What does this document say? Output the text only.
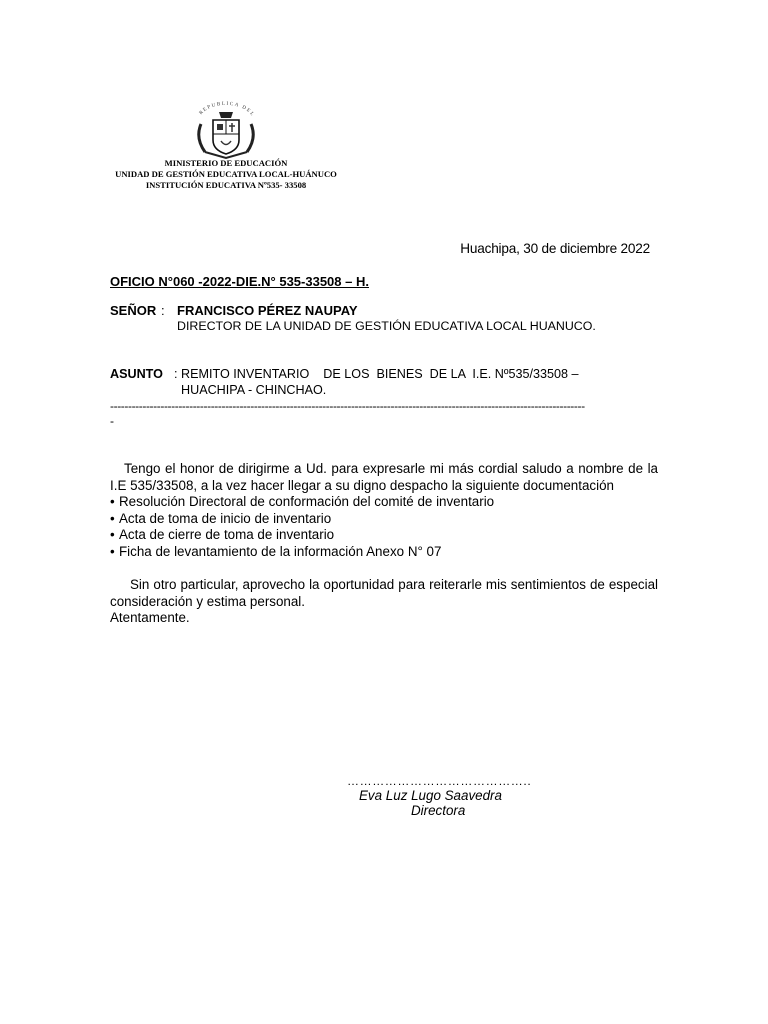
REPUBLICA DEL
MINISTERIO DE EDUCACIÓN
UNIDAD DE GESTIÓN EDUCATIVA LOCAL-HUÁNUCO
INSTITUCIÓN EDUCATIVA Nº535- 33508
Huachipa, 30 de diciembre 2022
OFICIO N°060 -2022-DIE.N° 535-33508 – H.
SEÑOR : FRANCISCO PÉREZ NAUPAY
DIRECTOR DE LA UNIDAD DE GESTIÓN EDUCATIVA LOCAL HUANUCO.
ASUNTO : REMITO INVENTARIO    DE LOS  BIENES  DE LA  I.E. Nº535/33508 –
HUACHIPA - CHINCHAO.
------------------------------------------------------------------------------------------------------------------------------------
-

Tengo el honor de dirigirme a Ud. para expresarle mi más cordial saludo a nombre de la I.E 535/33508, a la vez hacer llegar a su digno despacho la siguiente documentación

• Resolución Directoral de conformación del comité de inventario
• Acta de toma de inicio de inventario
• Acta de cierre de toma de inventario
• Ficha de levantamiento de la información Anexo N° 07

Sin otro particular, aprovecho la oportunidad para reiterarle mis sentimientos de especial consideración y estima personal.

Atentamente.
……………………………………..
Eva Luz Lugo Saavedra
Directora
